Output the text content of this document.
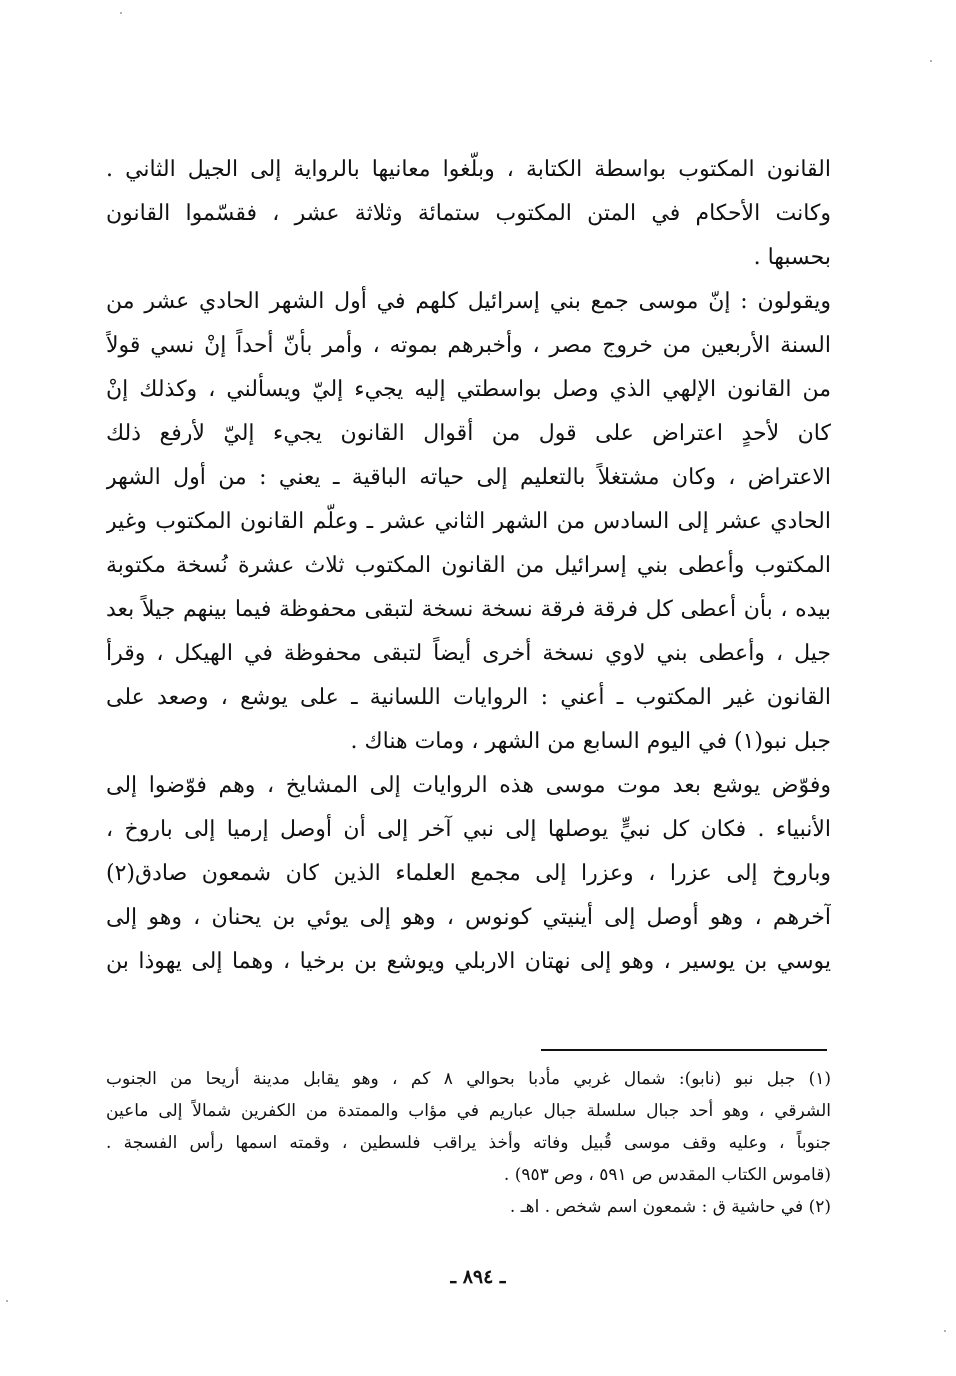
القانون المكتوب بواسطة الكتابة ، وبلّغوا معانيها بالرواية إلى الجيل الثاني .
وكانت الأحكام في المتن المكتوب ستمائة وثلاثة عشر ، فقسّموا القانون
بحسبها .
ويقولون : إنّ موسى جمع بني إسرائيل كلهم في أول الشهر الحادي عشر من
السنة الأربعين من خروج مصر ، وأخبرهم بموته ، وأمر بأنّ أحداً إنْ نسي قولاً
من القانون الإلهي الذي وصل بواسطتي إليه يجيء إليّ ويسألني ، وكذلك إنْ
كان لأحدٍ اعتراض على قول من أقوال القانون يجيء إليّ لأرفع ذلك
الاعتراض ، وكان مشتغلاً بالتعليم إلى حياته الباقية ـ يعني : من أول الشهر
الحادي عشر إلى السادس من الشهر الثاني عشر ـ وعلّم القانون المكتوب وغير
المكتوب وأعطى بني إسرائيل من القانون المكتوب ثلاث عشرة نُسخة مكتوبة
بيده ، بأن أعطى كل فرقة فرقة نسخة نسخة لتبقى محفوظة فيما بينهم جيلاً بعد
جيل ، وأعطى بني لاوي نسخة أخرى أيضاً لتبقى محفوظة في الهيكل ، وقرأ
القانون غير المكتوب ـ أعني : الروايات اللسانية ـ على يوشع ، وصعد على
جبل نبو(١) في اليوم السابع من الشهر ، ومات هناك .
وفوّض يوشع بعد موت موسى هذه الروايات إلى المشايخ ، وهم فوّضوا إلى
الأنبياء . فكان كل نبيٍّ يوصلها إلى نبي آخر إلى أن أوصل إرميا إلى باروخ ،
وباروخ إلى عزرا ، وعزرا إلى مجمع العلماء الذين كان شمعون صادق(٢)
آخرهم ، وهو أوصل إلى أينيتي كونوس ، وهو إلى يوئي بن يحنان ، وهو إلى
يوسي بن يوسير ، وهو إلى نهتان الاربلي ويوشع بن برخيا ، وهما إلى يهوذا بن
(١) جبل نبو (نابو): شمال غربي مأدبا بحوالي ٨ كم ، وهو يقابل مدينة أريحا من الجنوب
الشرقي ، وهو أحد جبال سلسلة جبال عباريم في مؤاب والممتدة من الكفرين شمالاً إلى ماعين
جنوباً ، وعليه وقف موسى قُبيل وفاته وأخذ يراقب فلسطين ، وقمته اسمها رأس الفسجة .
(قاموس الكتاب المقدس ص ٥٩١ ، وص ٩٥٣) .
(٢) في حاشية ق : شمعون اسم شخص . اهـ .
ـ ٨٩٤ ـ
